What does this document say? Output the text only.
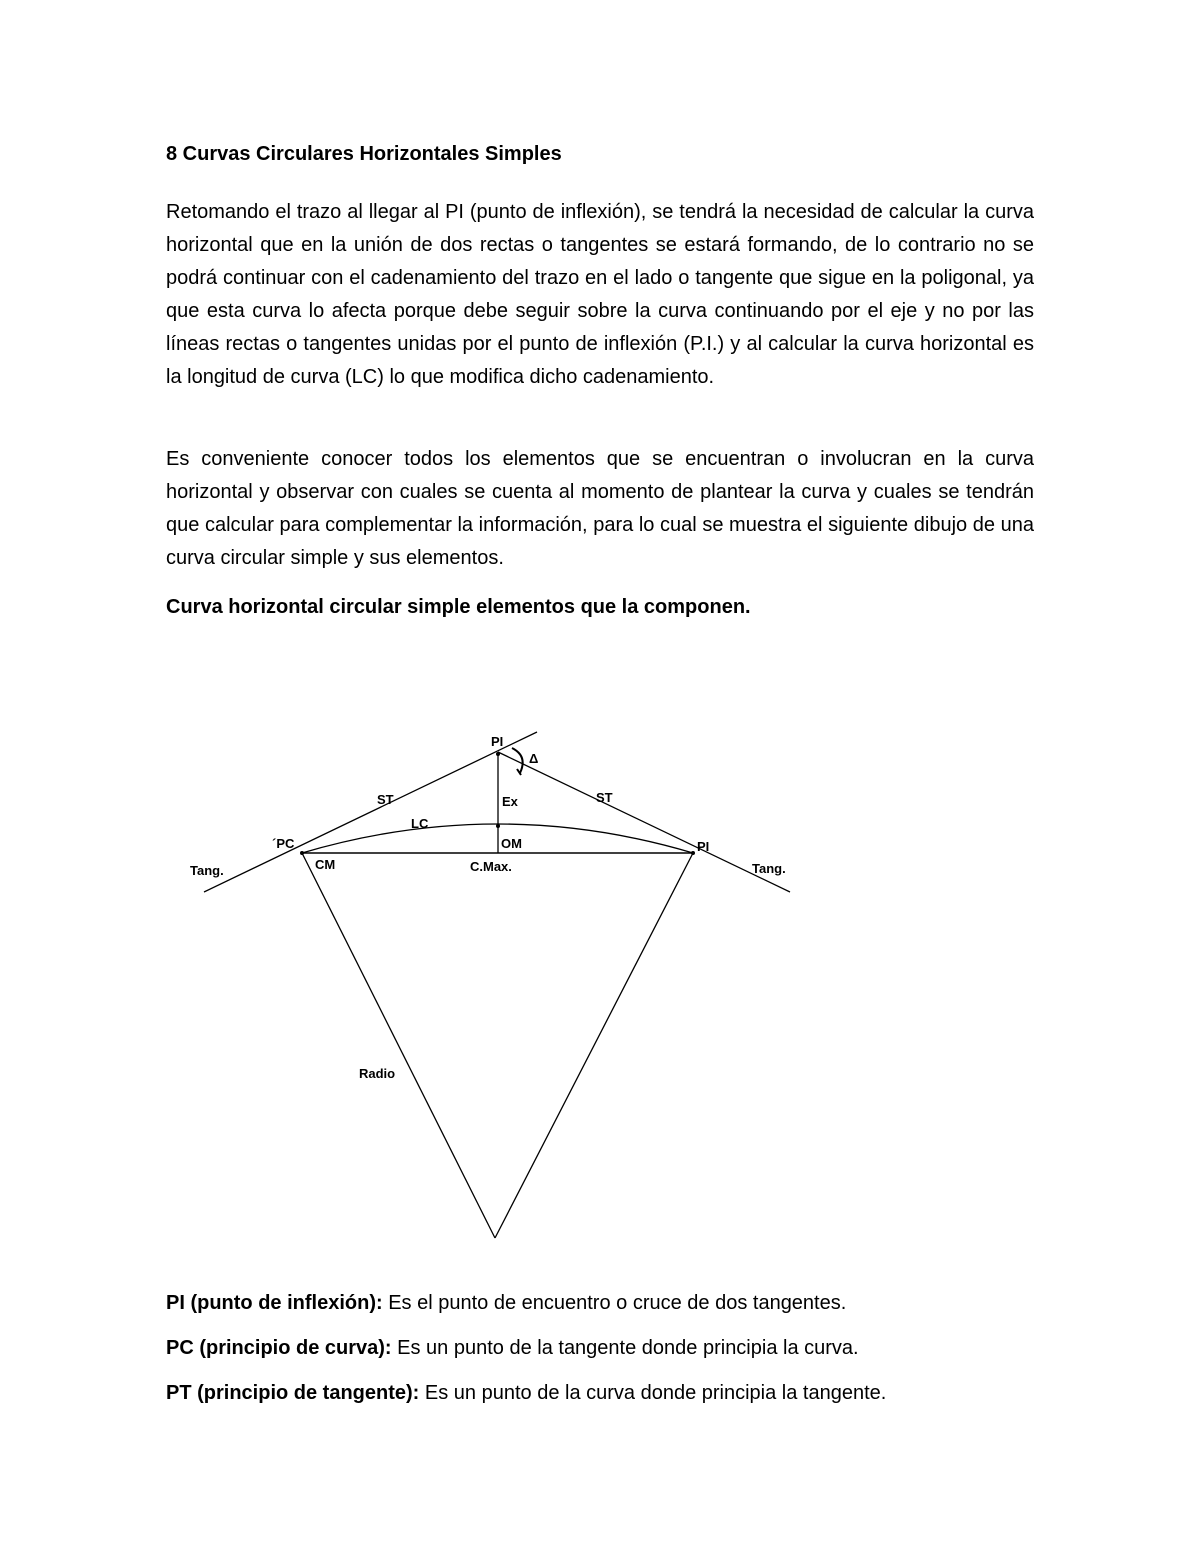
8 Curvas Circulares Horizontales Simples

Retomando el trazo al llegar al PI (punto de inflexión), se tendrá la necesidad de calcular la curva horizontal que en la unión de dos rectas o tangentes se estará formando, de lo contrario no se podrá continuar con el cadenamiento del trazo en el lado o tangente que sigue en la poligonal, ya que esta curva lo afecta porque debe seguir sobre la curva continuando por el eje y no por las líneas rectas o tangentes unidas por el punto de inflexión (P.I.) y al calcular la curva horizontal es la longitud de curva (LC) lo que modifica dicho cadenamiento.

Es conveniente conocer todos los elementos que se encuentran o involucran en la curva horizontal y observar con cuales se cuenta al momento de plantear la curva y cuales se tendrán que calcular para complementar la información, para lo cual se muestra el siguiente dibujo de una curva circular simple y sus elementos.

Curva horizontal circular simple elementos que la componen.
PI
Δ
ST	ST
Ex
LC
OM
´PC	PI
CM	C.Max.
Tang.	Tang.
Radio
PI (punto de inflexión): Es el punto de encuentro o cruce de dos tangentes.
PC (principio de curva): Es un punto de la tangente donde principia la curva.
PT (principio de tangente): Es un punto de la curva donde principia la tangente.
